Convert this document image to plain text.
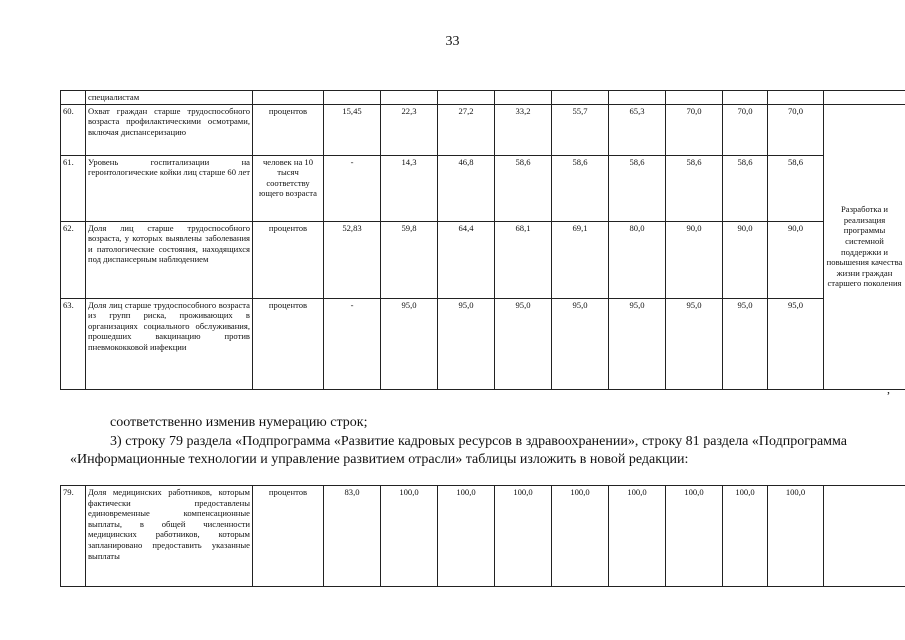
33
	специалистам											
60.	Охват граждан старше трудоспособного возраста профилактическими осмотрами, включая диспансеризацию	процентов	15,45	22,3	27,2	33,2	55,7	65,3	70,0	70,0	70,0	Разработка и реализация программы системной поддержки и повышения качества жизни граждан старшего поколения
61.	Уровень госпитализации на геронтологические койки лиц старше 60 лет	человек на 10 тысяч соответству ющего возраста	-	14,3	46,8	58,6	58,6	58,6	58,6	58,6	58,6	
62.	Доля лиц старше трудоспособного возраста, у которых выявлены заболевания и патологические состояния, находящихся под диспансерным наблюдением	процентов	52,83	59,8	64,4	68,1	69,1	80,0	90,0	90,0	90,0	
63.	Доля лиц старше трудоспособного возраста из групп риска, проживающих в организациях социального обслуживания, прошедших вакцинацию против пневмококковой инфекции	процентов	-	95,0	95,0	95,0	95,0	95,0	95,0	95,0	95,0	
,
соответственно изменив нумерацию строк;
3) строку 79 раздела «Подпрограмма «Развитие кадровых ресурсов в здравоохранении», строку 81 раздела «Подпрограмма «Информационные технологии и управление развитием отрасли» таблицы изложить в новой редакции:
79.	Доля медицинских работников, которым фактически предоставлены единовременные компенсационные выплаты, в общей численности медицинских работников, которым запланировано предоставить указанные выплаты	процентов	83,0	100,0	100,0	100,0	100,0	100,0	100,0	100,0	100,0	
